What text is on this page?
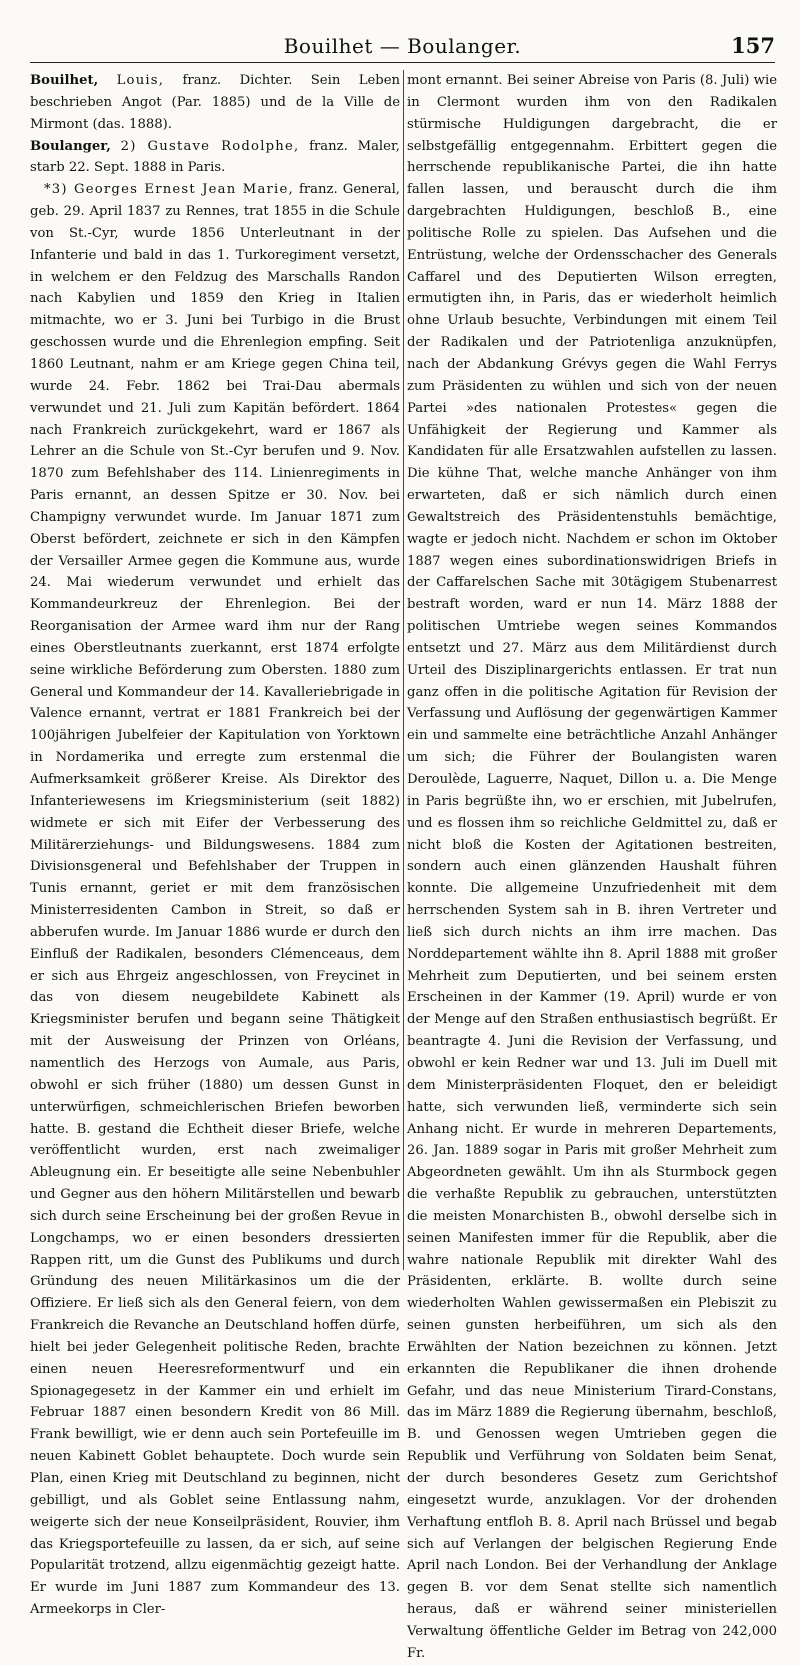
Bouilhet — Boulanger.	157

Bouilhet, Louis, franz. Dichter. Sein Leben beschrieben Angot (Par. 1885) und de la Ville de Mirmont (das. 1888).

Boulanger, 2) Gustave Rodolphe, franz. Maler, starb 22. Sept. 1888 in Paris.

*3) Georges Ernest Jean Marie, franz. General, geb. 29. April 1837 zu Rennes, trat 1855 in die Schule von St.-Cyr, wurde 1856 Unterleutnant in der Infanterie und bald in das 1. Turkoregiment versetzt, in welchem er den Feldzug des Marschalls Randon nach Kabylien und 1859 den Krieg in Italien mitmachte, wo er 3. Juni bei Turbigo in die Brust geschossen wurde und die Ehrenlegion empfing. Seit 1860 Leutnant, nahm er am Kriege gegen China teil, wurde 24. Febr. 1862 bei Trai-Dau abermals verwundet und 21. Juli zum Kapitän befördert. 1864 nach Frankreich zurückgekehrt, ward er 1867 als Lehrer an die Schule von St.-Cyr berufen und 9. Nov. 1870 zum Befehlshaber des 114. Linienregiments in Paris ernannt, an dessen Spitze er 30. Nov. bei Champigny verwundet wurde. Im Januar 1871 zum Oberst befördert, zeichnete er sich in den Kämpfen der Versailler Armee gegen die Kommune aus, wurde 24. Mai wiederum verwundet und erhielt das Kommandeurkreuz der Ehrenlegion. Bei der Reorganisation der Armee ward ihm nur der Rang eines Oberstleutnants zuerkannt, erst 1874 erfolgte seine wirkliche Beförderung zum Obersten. 1880 zum General und Kommandeur der 14. Kavalleriebrigade in Valence ernannt, vertrat er 1881 Frankreich bei der 100jährigen Jubelfeier der Kapitulation von Yorktown in Nordamerika und erregte zum erstenmal die Aufmerksamkeit größerer Kreise. Als Direktor des Infanteriewesens im Kriegsministerium (seit 1882) widmete er sich mit Eifer der Verbesserung des Militärerziehungs- und Bildungswesens. 1884 zum Divisionsgeneral und Befehlshaber der Truppen in Tunis ernannt, geriet er mit dem französischen Ministerresidenten Cambon in Streit, so daß er abberufen wurde. Im Januar 1886 wurde er durch den Einfluß der Radikalen, besonders Clémenceaus, dem er sich aus Ehrgeiz angeschlossen, von Freycinet in das von diesem neugebildete Kabinett als Kriegsminister berufen und begann seine Thätigkeit mit der Ausweisung der Prinzen von Orléans, namentlich des Herzogs von Aumale, aus Paris, obwohl er sich früher (1880) um dessen Gunst in unterwürfigen, schmeichlerischen Briefen beworben hatte. B. gestand die Echtheit dieser Briefe, welche veröffentlicht wurden, erst nach zweimaliger Ableugnung ein. Er beseitigte alle seine Nebenbuhler und Gegner aus den höhern Militärstellen und bewarb sich durch seine Erscheinung bei der großen Revue in Longchamps, wo er einen besonders dressierten Rappen ritt, um die Gunst des Publikums und durch Gründung des neuen Militärkasinos um die der Offiziere. Er ließ sich als den General feiern, von dem Frankreich die Revanche an Deutschland hoffen dürfe, hielt bei jeder Gelegenheit politische Reden, brachte einen neuen Heeresreformentwurf und ein Spionagegesetz in der Kammer ein und erhielt im Februar 1887 einen besondern Kredit von 86 Mill. Frank bewilligt, wie er denn auch sein Portefeuille im neuen Kabinett Goblet behauptete. Doch wurde sein Plan, einen Krieg mit Deutschland zu beginnen, nicht gebilligt, und als Goblet seine Entlassung nahm, weigerte sich der neue Konseilpräsident, Rouvier, ihm das Kriegsportefeuille zu lassen, da er sich, auf seine Popularität trotzend, allzu eigenmächtig gezeigt hatte. Er wurde im Juni 1887 zum Kommandeur des 13. Armeekorps in Cler-

mont ernannt. Bei seiner Abreise von Paris (8. Juli) wie in Clermont wurden ihm von den Radikalen stürmische Huldigungen dargebracht, die er selbstgefällig entgegennahm. Erbittert gegen die herrschende republikanische Partei, die ihn hatte fallen lassen, und berauscht durch die ihm dargebrachten Huldigungen, beschloß B., eine politische Rolle zu spielen. Das Aufsehen und die Entrüstung, welche der Ordensschacher des Generals Caffarel und des Deputierten Wilson erregten, ermutigten ihn, in Paris, das er wiederholt heimlich ohne Urlaub besuchte, Verbindungen mit einem Teil der Radikalen und der Patriotenliga anzuknüpfen, nach der Abdankung Grévys gegen die Wahl Ferrys zum Präsidenten zu wühlen und sich von der neuen Partei »des nationalen Protestes« gegen die Unfähigkeit der Regierung und Kammer als Kandidaten für alle Ersatzwahlen aufstellen zu lassen. Die kühne That, welche manche Anhänger von ihm erwarteten, daß er sich nämlich durch einen Gewaltstreich des Präsidentenstuhls bemächtige, wagte er jedoch nicht. Nachdem er schon im Oktober 1887 wegen eines subordinationswidrigen Briefs in der Caffarelschen Sache mit 30tägigem Stubenarrest bestraft worden, ward er nun 14. März 1888 der politischen Umtriebe wegen seines Kommandos entsetzt und 27. März aus dem Militärdienst durch Urteil des Disziplinargerichts entlassen. Er trat nun ganz offen in die politische Agitation für Revision der Verfassung und Auflösung der gegenwärtigen Kammer ein und sammelte eine beträchtliche Anzahl Anhänger um sich; die Führer der Boulangisten waren Deroulède, Laguerre, Naquet, Dillon u. a. Die Menge in Paris begrüßte ihn, wo er erschien, mit Jubelrufen, und es flossen ihm so reichliche Geldmittel zu, daß er nicht bloß die Kosten der Agitationen bestreiten, sondern auch einen glänzenden Haushalt führen konnte. Die allgemeine Unzufriedenheit mit dem herrschenden System sah in B. ihren Vertreter und ließ sich durch nichts an ihm irre machen. Das Norddepartement wählte ihn 8. April 1888 mit großer Mehrheit zum Deputierten, und bei seinem ersten Erscheinen in der Kammer (19. April) wurde er von der Menge auf den Straßen enthusiastisch begrüßt. Er beantragte 4. Juni die Revision der Verfassung, und obwohl er kein Redner war und 13. Juli im Duell mit dem Ministerpräsidenten Floquet, den er beleidigt hatte, sich verwunden ließ, verminderte sich sein Anhang nicht. Er wurde in mehreren Departements, 26. Jan. 1889 sogar in Paris mit großer Mehrheit zum Abgeordneten gewählt. Um ihn als Sturmbock gegen die verhaßte Republik zu gebrauchen, unterstützten die meisten Monarchisten B., obwohl derselbe sich in seinen Manifesten immer für die Republik, aber die wahre nationale Republik mit direkter Wahl des Präsidenten, erklärte. B. wollte durch seine wiederholten Wahlen gewissermaßen ein Plebiszit zu seinen gunsten herbeiführen, um sich als den Erwählten der Nation bezeichnen zu können. Jetzt erkannten die Republikaner die ihnen drohende Gefahr, und das neue Ministerium Tirard-Constans, das im März 1889 die Regierung übernahm, beschloß, B. und Genossen wegen Umtrieben gegen die Republik und Verführung von Soldaten beim Senat, der durch besonderes Gesetz zum Gerichtshof eingesetzt wurde, anzuklagen. Vor der drohenden Verhaftung entfloh B. 8. April nach Brüssel und begab sich auf Verlangen der belgischen Regierung Ende April nach London. Bei der Verhandlung der Anklage gegen B. vor dem Senat stellte sich namentlich heraus, daß er während seiner ministeriellen Verwaltung öffentliche Gelder im Betrag von 242,000 Fr.
